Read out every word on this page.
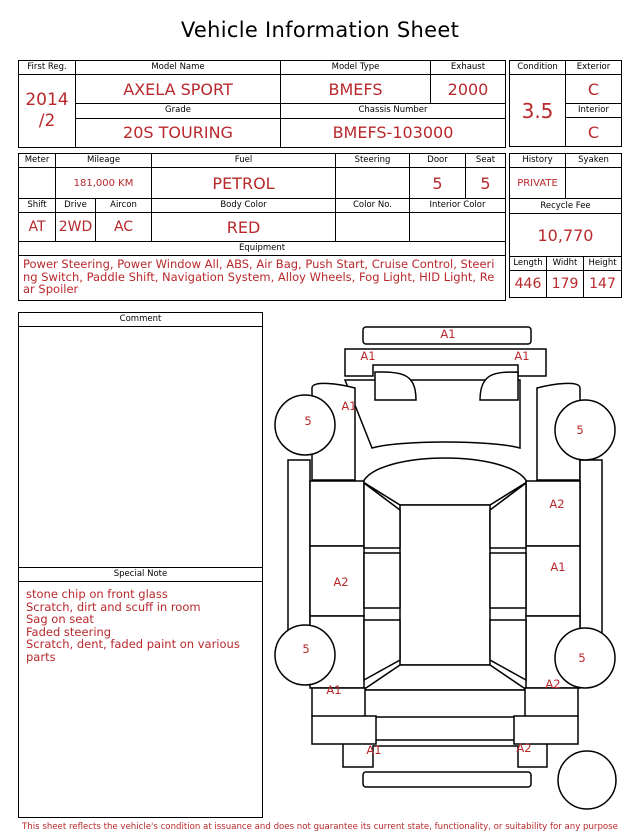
Vehicle Information Sheet
First Reg.	Model Name	Model Type	Exhaust

2014
/2	AXELA SPORT	BMEFS	2000
	Grade	Chassis Number	
	20S TOURING	BMEFS-103000	
Condition	Exterior
3.5	C
	Interior
	C
Meter	Mileage		Fuel	Steering	Door	Seat
	181,000 KM		PETROL		5	5
Shift	Drive	Aircon	Body Color	Color No.	Interior Color	
AT	2WD	AC	RED			
Equipment						
Power Steering, Power Window All, ABS, Air Bag, Push Start, Cruise Control, Steering Switch, Paddle Shift, Navigation System, Alloy Wheels, Fog Light, HID Light, Rear Spoiler						
History		Syaken	
PRIVATE			
Recycle Fee			
10,770			
Length	Widht		Height
446	179		147
Comment
Special Note
stone chip on front glass
Scratch, dirt and scuff in room
Sag on seat
Faded steering
Scratch, dent, faded paint on various parts
A1
A1	A1
A1
A2
A2
A1
A1	A2
A1	A2
5
5
5
5
This sheet reflects the vehicle's condition at issuance and does not guarantee its current state, functionality, or suitability for any purpose
